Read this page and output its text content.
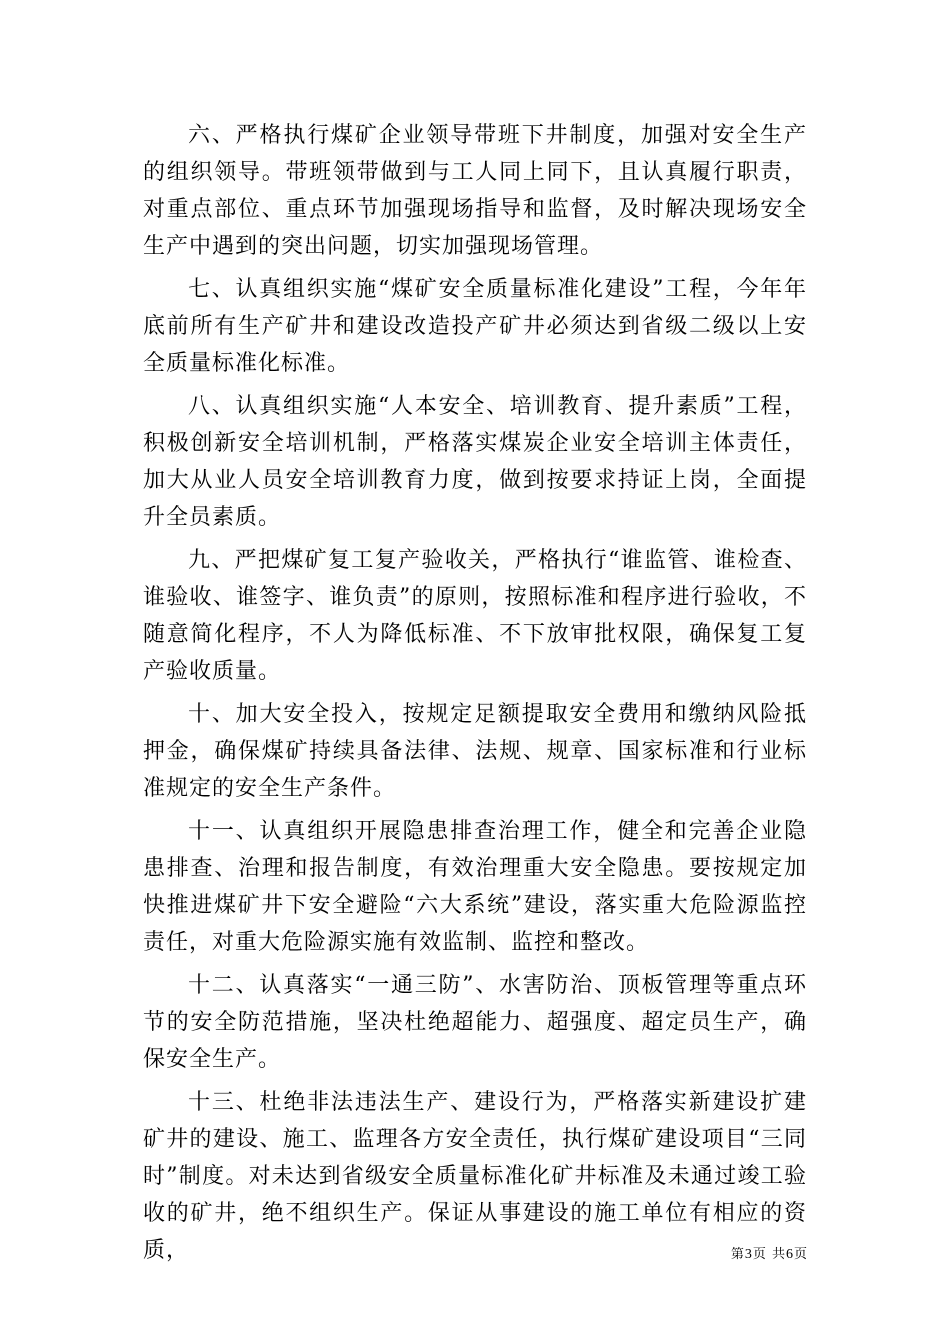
六、严格执行煤矿企业领导带班下井制度，加强对安全生产的组织领导。带班领带做到与工人同上同下，且认真履行职责，对重点部位、重点环节加强现场指导和监督，及时解决现场安全生产中遇到的突出问题，切实加强现场管理。

七、认真组织实施“煤矿安全质量标准化建设”工程，今年年底前所有生产矿井和建设改造投产矿井必须达到省级二级以上安全质量标准化标准。

八、认真组织实施“人本安全、培训教育、提升素质”工程，积极创新安全培训机制，严格落实煤炭企业安全培训主体责任，加大从业人员安全培训教育力度，做到按要求持证上岗，全面提升全员素质。

九、严把煤矿复工复产验收关，严格执行“谁监管、谁检查、谁验收、谁签字、谁负责”的原则，按照标准和程序进行验收，不随意简化程序，不人为降低标准、不下放审批权限，确保复工复产验收质量。

十、加大安全投入，按规定足额提取安全费用和缴纳风险抵押金，确保煤矿持续具备法律、法规、规章、国家标准和行业标准规定的安全生产条件。

十一、认真组织开展隐患排查治理工作，健全和完善企业隐患排查、治理和报告制度，有效治理重大安全隐患。要按规定加快推进煤矿井下安全避险“六大系统”建设，落实重大危险源监控责任，对重大危险源实施有效监制、监控和整改。

十二、认真落实“一通三防”、水害防治、顶板管理等重点环节的安全防范措施，坚决杜绝超能力、超强度、超定员生产，确保安全生产。

十三、杜绝非法违法生产、建设行为，严格落实新建设扩建矿井的建设、施工、监理各方安全责任，执行煤矿建设项目“三同时”制度。对未达到省级安全质量标准化矿井标准及未通过竣工验收的矿井，绝不组织生产。保证从事建设的施工单位有相应的资质，	第3页 共6页
